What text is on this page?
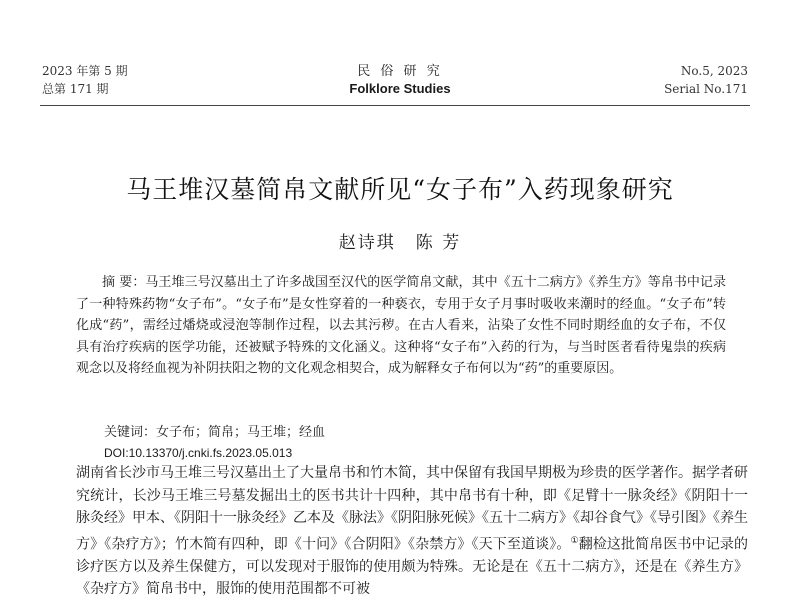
2023 年第 5 期
总第 171 期
民 俗 研 究
Folklore Studies
No.5, 2023
Serial No.171
马王堆汉墓简帛文献所见“女子布”入药现象研究
赵诗琪 陈 芳
摘 要：马王堆三号汉墓出土了许多战国至汉代的医学简帛文献，其中《五十二病方》《养生方》等帛书中记录了一种特殊药物“女子布”。“女子布”是女性穿着的一种亵衣，专用于女子月事时吸收来潮时的经血。“女子布”转化成“药”，需经过燔烧或浸泡等制作过程，以去其污秽。在古人看来，沾染了女性不同时期经血的女子布，不仅具有治疗疾病的医学功能，还被赋予特殊的文化涵义。这种将“女子布”入药的行为，与当时医者看待鬼祟的疾病观念以及将经血视为补阴扶阳之物的文化观念相契合，成为解释女子布何以为“药”的重要原因。
关键词：女子布；简帛；马王堆；经血
DOI:10.13370/j.cnki.fs.2023.05.013
湖南省长沙市马王堆三号汉墓出土了大量帛书和竹木简，其中保留有我国早期极为珍贵的医学著作。据学者研究统计，长沙马王堆三号墓发掘出土的医书共计十四种，其中帛书有十种，即《足臂十一脉灸经》《阴阳十一脉灸经》甲本、《阴阳十一脉灸经》乙本及《脉法》《阴阳脉死候》《五十二病方》《却谷食气》《导引图》《养生方》《杂疗方》；竹木简有四种，即《十问》《合阴阳》《杂禁方》《天下至道谈》。①翻检这批简帛医书中记录的诊疗医方以及养生保健方，可以发现对于服饰的使用颇为特殊。无论是在《五十二病方》，还是在《养生方》《杂疗方》简帛书中，服饰的使用范围都不可被
